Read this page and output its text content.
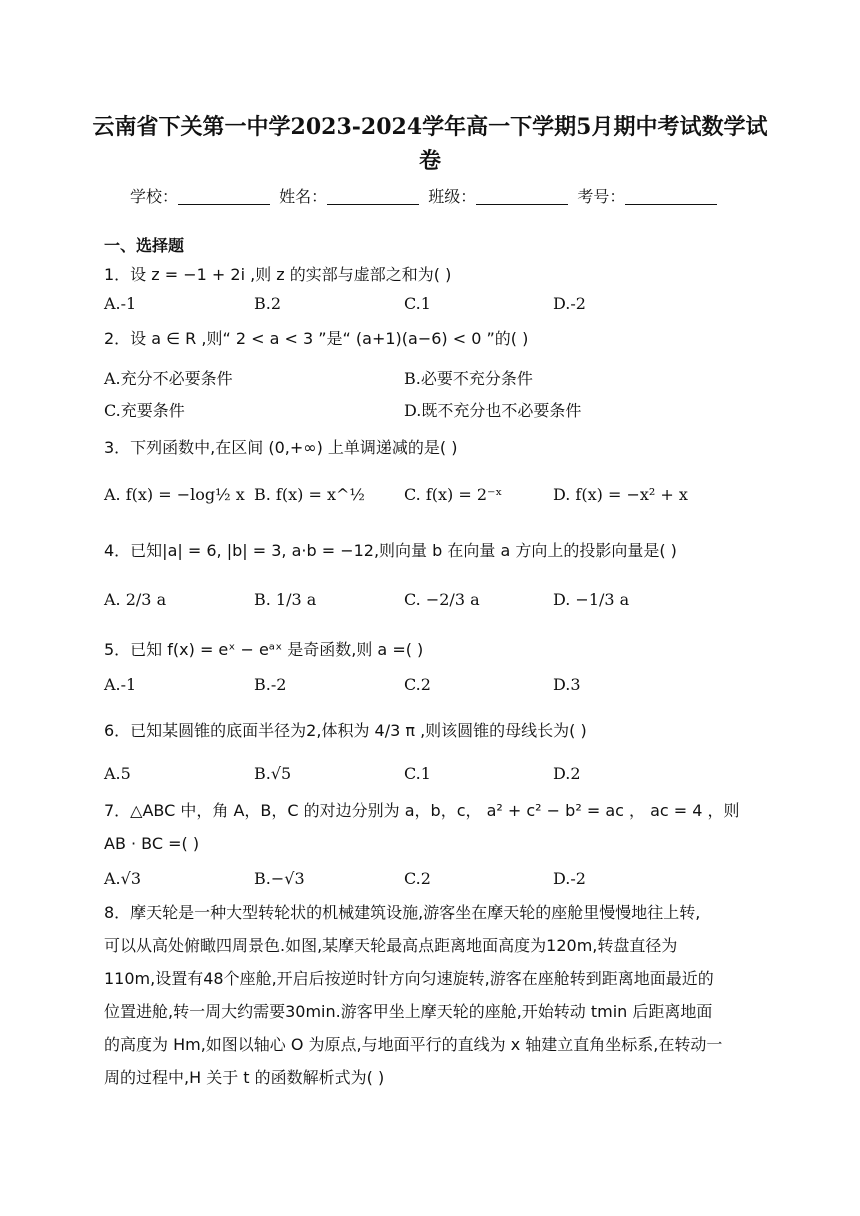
云南省下关第一中学2023-2024学年高一下学期5月期中考试数学试
卷
学校：	姓名：	班级：	考号：
一、选择题
1．设 z = −1 + 2i ,则 z 的实部与虚部之和为( )
A.-1	B.2	C.1	D.-2
2．设 a ∈ R ,则“ 2 < a < 3 ”是“ (a+1)(a−6) < 0 ”的( )
A.充分不必要条件	B.必要不充分条件
C.充要条件	D.既不充分也不必要条件
3．下列函数中,在区间 (0,+∞) 上单调递减的是( )
A. f(x) = −log½ x B. f(x) = x^½ C. f(x) = 2⁻ˣ	D. f(x) = −x² + x
4．已知|a| = 6, |b| = 3, a·b = −12,则向量 b 在向量 a 方向上的投影向量是( )
A. 2/3 a	B. 1/3 a	C. −2/3 a	D. −1/3 a
5．已知 f(x) = eˣ − eᵃˣ 是奇函数,则 a =( )
A.-1	B.-2	C.2	D.3
6．已知某圆锥的底面半径为2,体积为 4/3 π ,则该圆锥的母线长为( )
A.5	B.√5	C.1	D.2
7．△ABC 中，角 A，B，C 的对边分别为 a，b，c， a² + c² − b² = ac ， ac = 4 ，则
AB · BC =( )
A.√3	B.−√3	C.2	D.-2
8．摩天轮是一种大型转轮状的机械建筑设施,游客坐在摩天轮的座舱里慢慢地往上转,
可以从高处俯瞰四周景色.如图,某摩天轮最高点距离地面高度为120m,转盘直径为
110m,设置有48个座舱,开启后按逆时针方向匀速旋转,游客在座舱转到距离地面最近的
位置进舱,转一周大约需要30min.游客甲坐上摩天轮的座舱,开始转动 tmin 后距离地面
的高度为 Hm,如图以轴心 O 为原点,与地面平行的直线为 x 轴建立直角坐标系,在转动一
周的过程中,H 关于 t 的函数解析式为( )
